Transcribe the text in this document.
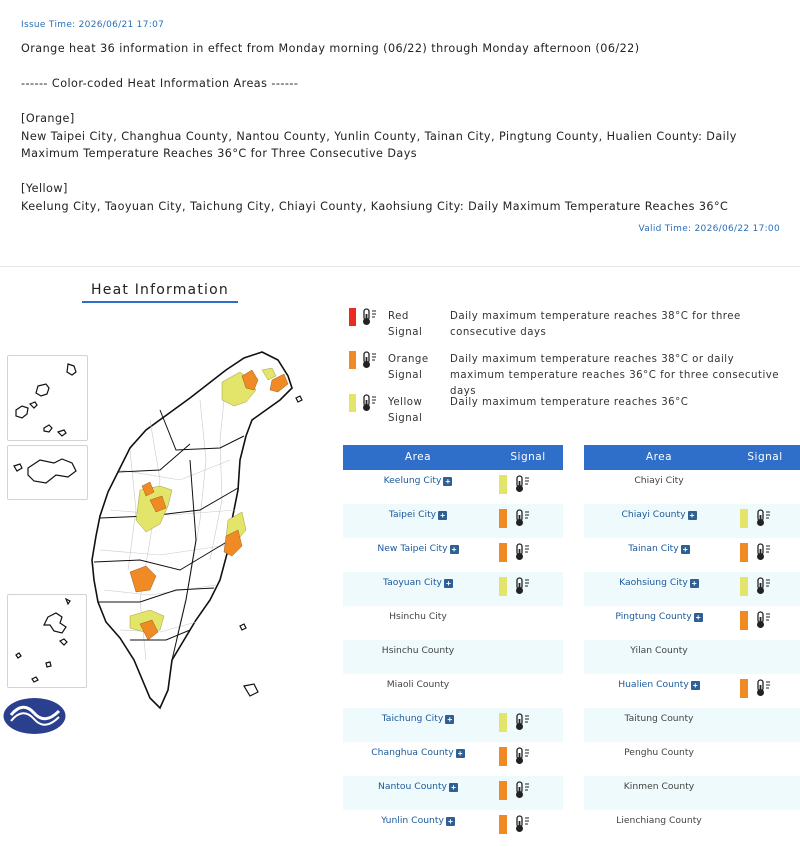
Issue Time: 2026/06/21 17:07

Orange heat 36 information in effect from Monday morning (06/22) through Monday afternoon (06/22)

------ Color-coded Heat Information Areas ------

[Orange]

New Taipei City, Changhua County, Nantou County, Yunlin County, Tainan City, Pingtung County, Hualien County: Daily Maximum Temperature Reaches 36°C for Three Consecutive Days

[Yellow]

Keelung City, Taoyuan City, Taichung City, Chiayi County, Kaohsiung City: Daily Maximum Temperature Reaches 36°C

Valid Time: 2026/06/22 17:00
Heat Information
Red Signal
Daily maximum temperature reaches 38°C for three consecutive days
Orange Signal
Daily maximum temperature reaches 38°C or daily maximum temperature reaches 36°C for three consecutive days
Yellow Signal
Daily maximum temperature reaches 36°C
Area	Signal
Keelung City +
Taipei City +
New Taipei City +
Taoyuan City +
Hsinchu City
Hsinchu County
Miaoli County
Taichung City +
Changhua County +
Nantou County +
Yunlin County +
Area	Signal
Chiayi City
Chiayi County +
Tainan City +
Kaohsiung City +
Pingtung County +
Yilan County
Hualien County +
Taitung County
Penghu County
Kinmen County
Lienchiang County
